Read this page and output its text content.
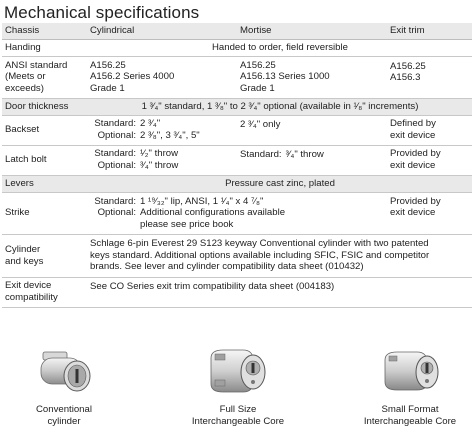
Mechanical specifications
Chassis	Cylindrical	Mortise	Exit trim
Handing	Handed to order, field reversible		

ANSI standard
(Meets or
exceeds)	A156.25
A156.2 Series 4000
Grade 1	A156.25
A156.13 Series 1000
Grade 1	A156.25
A156.3

Door thickness	1 ³⁄₄" standard, 1 ³⁄₈" to 2 ³⁄₄" optional (available in ¹⁄₈" increments)		
Backset	Standard: 2 ³⁄₄"
Optional: 2 ³⁄₈", 3 ³⁄₄", 5"	2 ³⁄₄" only	Defined by
exit device

Latch bolt	Standard: ¹⁄₂" throw
Optional: ³⁄₄" throw	Standard: ³⁄₄" throw	Provided by
exit device

Levers	Pressure cast zinc, plated		
Strike	Standard: 1 ¹⁹⁄₃₂" lip, ANSI, 1 ¹⁄₄" x 4 ⁷⁄₈"
Optional: Additional configurations available
please see price book		Provided by
exit device

Cylinder
and keys	Schlage 6-pin Everest 29 S123 keyway Conventional cylinder with two patented
keys standard. Additional options available including SFIC, FSIC and competitor
brands. See lever and cylinder compatibility data sheet (010432)		

Exit device
compatibility	See CO Series exit trim compatibility data sheet (004183)		
Conventional
cylinder
Full Size
Interchangeable Core
Small Format
Interchangeable Core
